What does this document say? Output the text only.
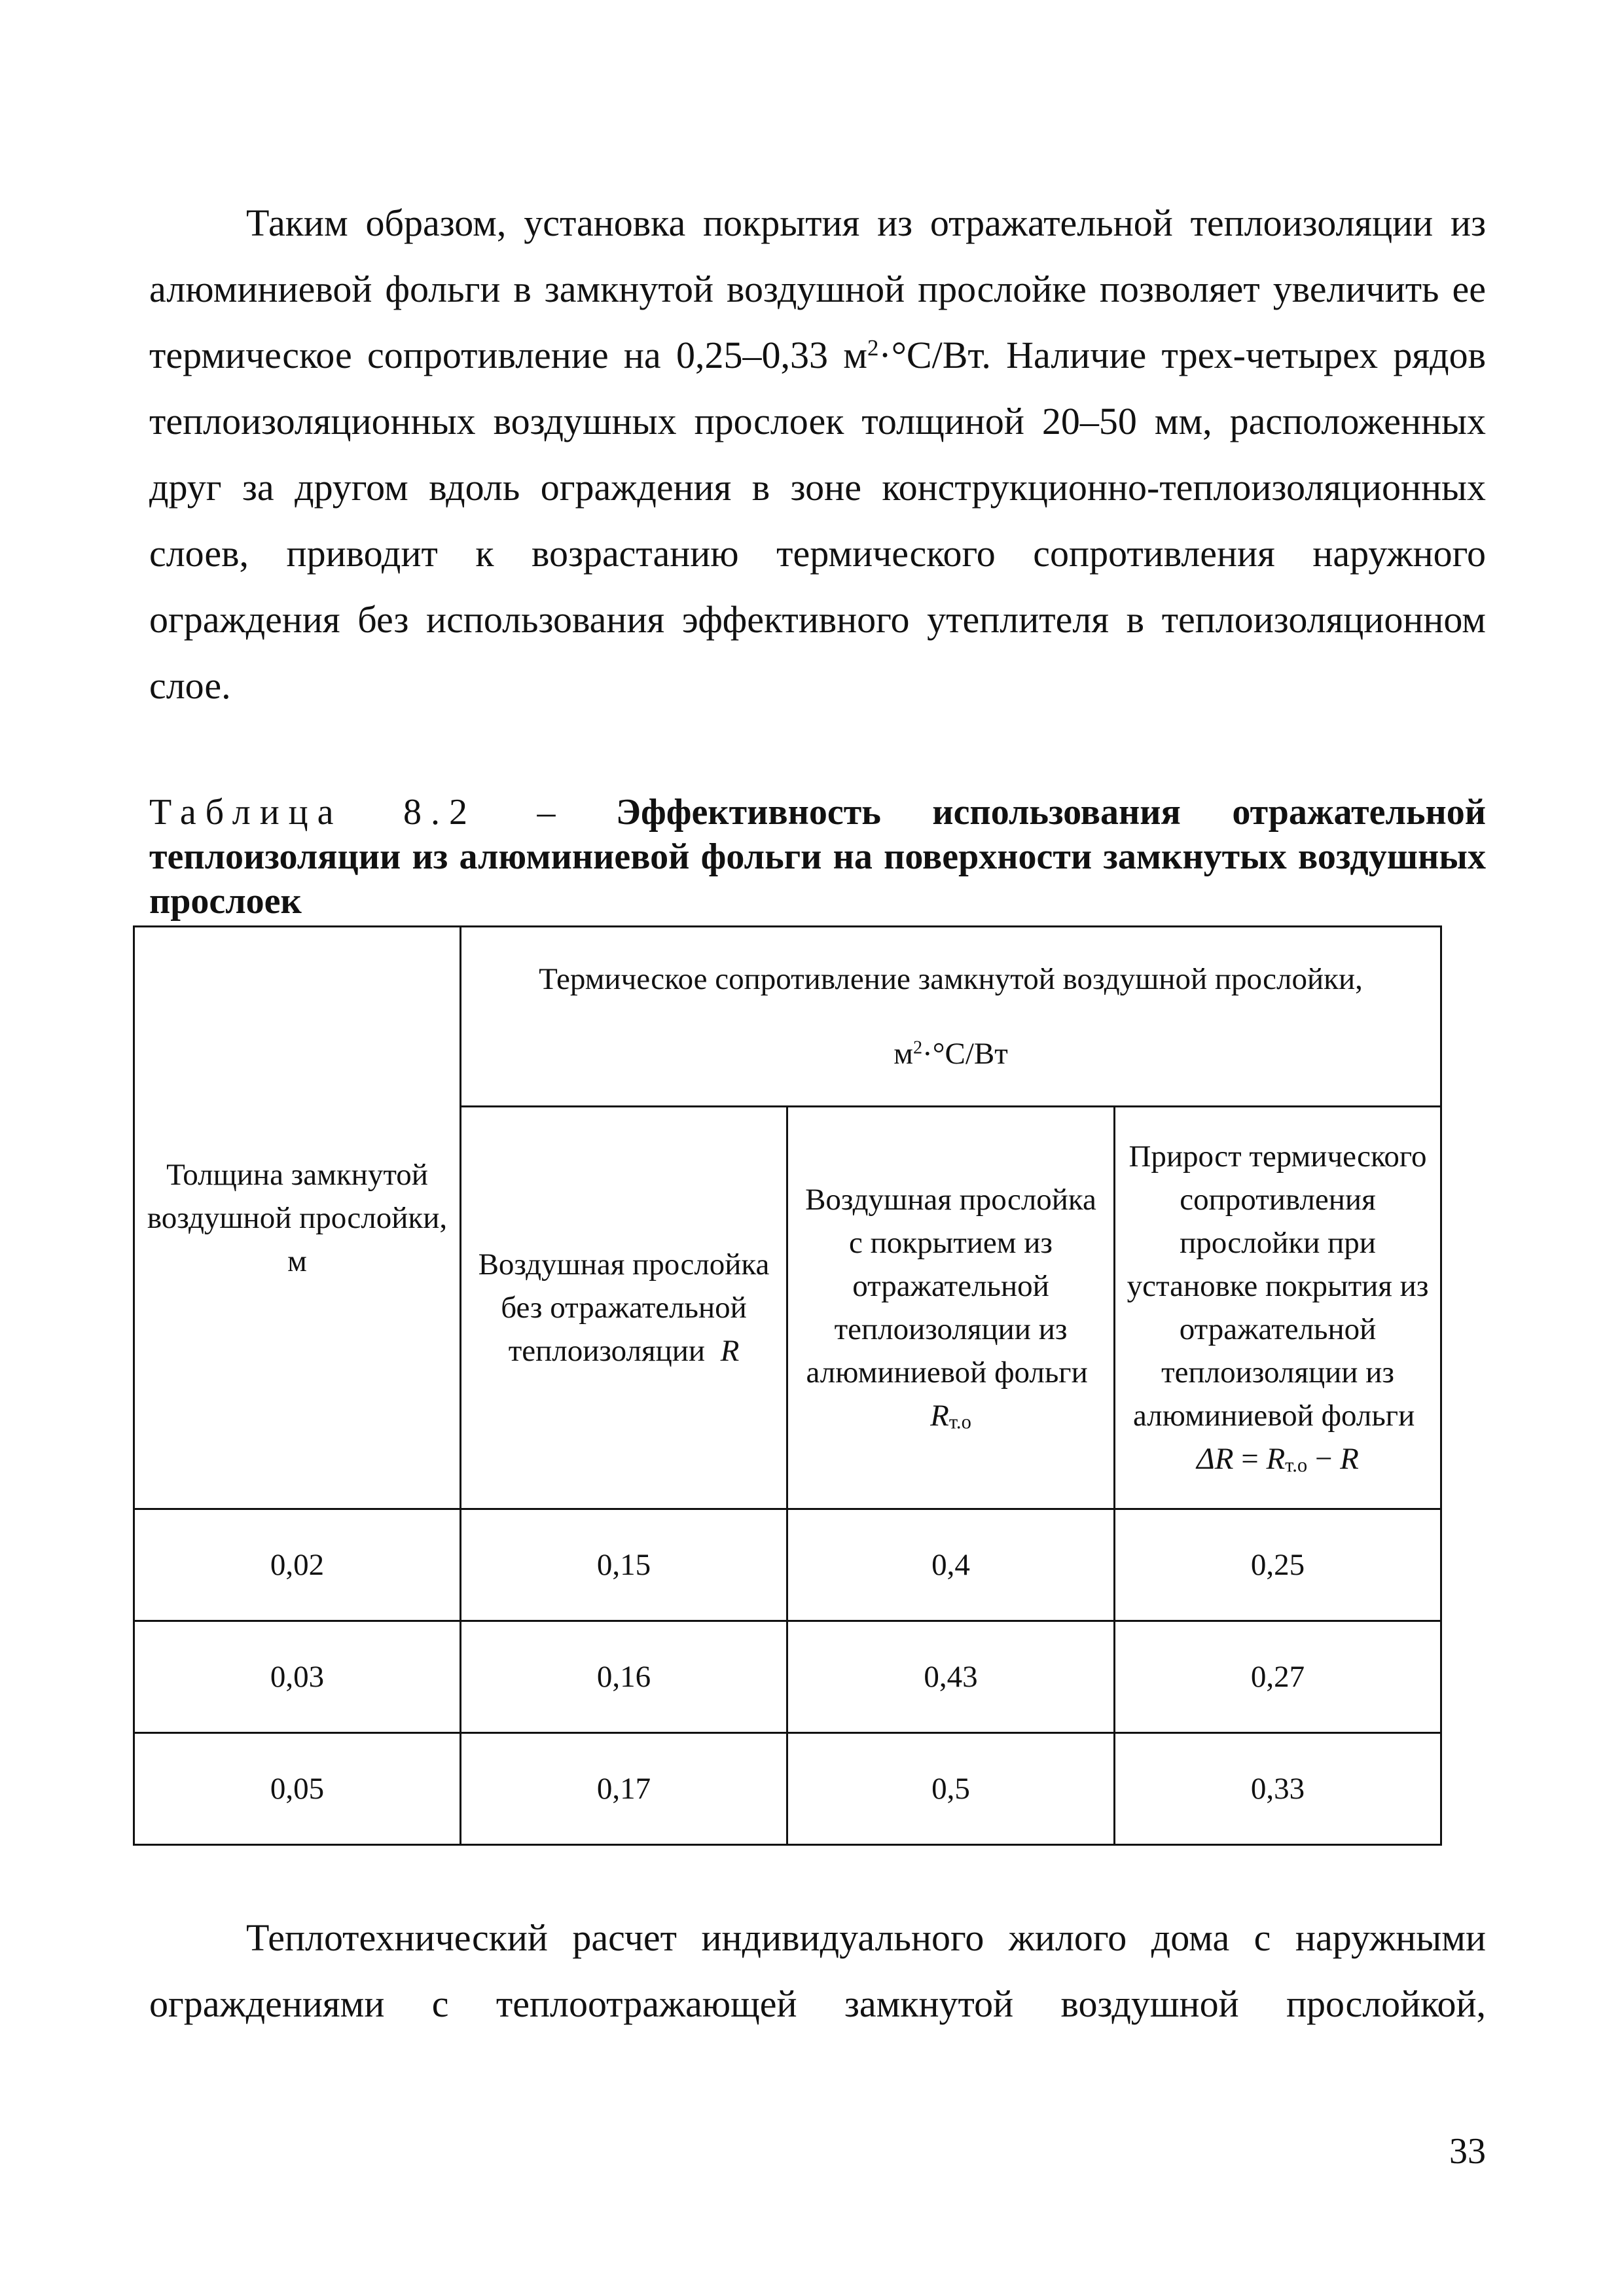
Таким образом, установка покрытия из отражательной теплоизоляции из алюминиевой фольги в замкнутой воздушной прослойке позволяет увеличить ее термическое сопротивление на 0,25–0,33 $м^2\cdot^\circ С/Вт$. Наличие трех-четырех рядов теплоизоляционных воздушных прослоек толщиной 20–50 мм, расположенных друг за другом вдоль ограждения в зоне конструкционно-теплоизоляционных слоев, приводит к возрастанию термического сопротивления наружного ограждения без использования эффективного утеплителя в теплоизоляционном слое.

Таблица 8.2 – Эффективность использования отражательной теплоизоляции из алюминиевой фольги на поверхности замкнутых воздушных прослоек

Толщина замкнутой воздушной прослойки, м	Термическое сопротивление замкнутой воздушной прослойки,
$м^2\cdot^\circ С/Вт$		

	Воздушная прослойка без отражательной теплоизоляции R	Воздушная прослойка с покрытием из отражательной теплоизоляции из алюминиевой фольги  $R_{т.о}$	Прирост термического сопротивления прослойки при установке покрытия из отражательной теплоизоляции из алюминиевой фольги  $\Delta R = R_{т.о} - R$
0,02	0,15	0,4	0,25
0,03	0,16	0,43	0,27
0,05	0,17	0,5	0,33

Теплотехнический расчет индивидуального жилого дома с наружными ограждениями с теплоотражающей замкнутой воздушной прослойкой,

33
